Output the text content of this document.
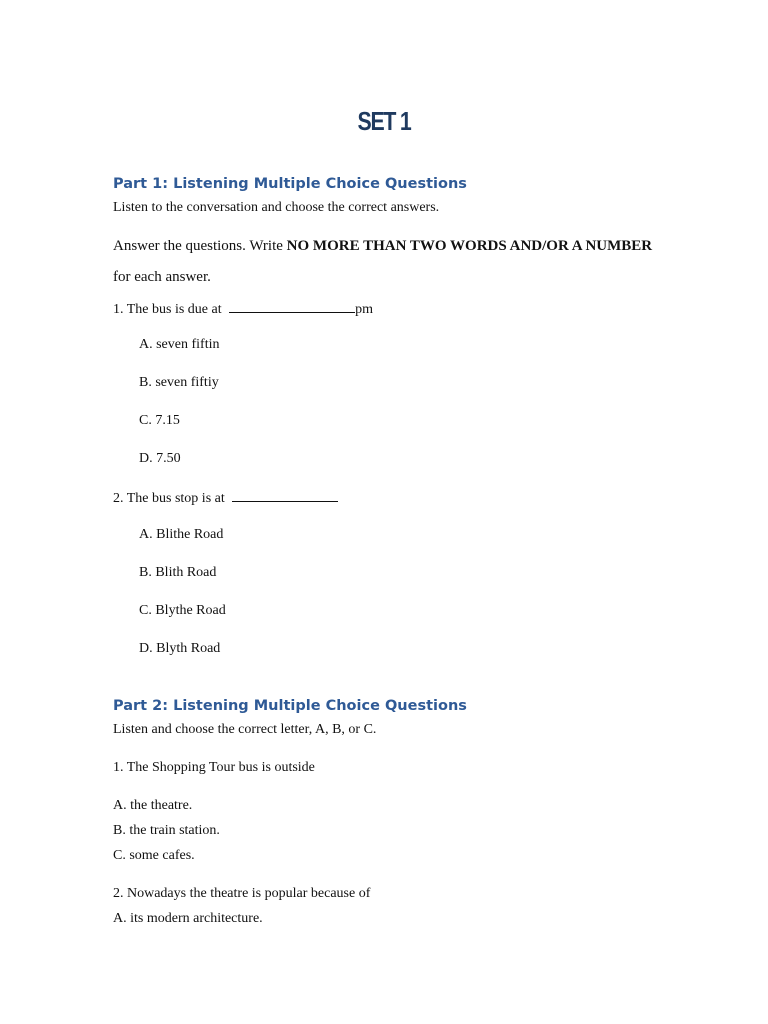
SET 1
Part 1: Listening Multiple Choice Questions
Listen to the conversation and choose the correct answers.
Answer the questions. Write NO MORE THAN TWO WORDS AND/OR A NUMBER
for each answer.
1. The bus is due at	pm
A. seven fiftin
B. seven fiftiy
C. 7.15
D. 7.50
2. The bus stop is at
A. Blithe Road
B. Blith Road
C. Blythe Road
D. Blyth Road
Part 2: Listening Multiple Choice Questions
Listen and choose the correct letter, A, B, or C.
1. The Shopping Tour bus is outside
A. the theatre.
B. the train station.
C. some cafes.
2. Nowadays the theatre is popular because of
A. its modern architecture.
